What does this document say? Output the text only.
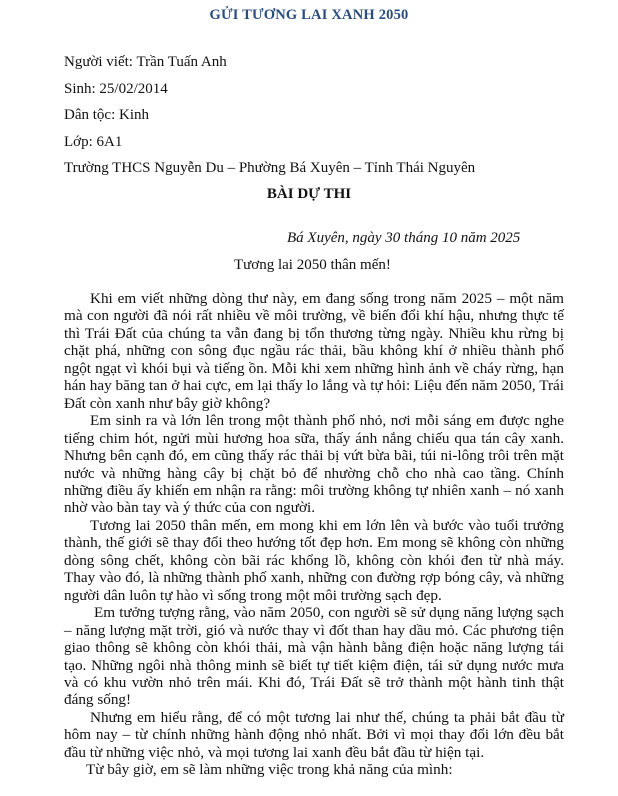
GỬI TƯƠNG LAI XANH 2050
Người viết: Trần Tuấn Anh
Sinh: 25/02/2014
Dân tộc: Kinh
Lớp: 6A1
Trường THCS Nguyễn Du – Phường Bá Xuyên – Tỉnh Thái Nguyên
BÀI DỰ THI
Bá Xuyên, ngày 30 tháng 10 năm 2025
Tương lai 2050 thân mến!

Khi em viết những dòng thư này, em đang sống trong năm 2025 – một năm mà con người đã nói rất nhiều về môi trường, về biến đổi khí hậu, nhưng thực tế thì Trái Đất của chúng ta vẫn đang bị tổn thương từng ngày. Nhiều khu rừng bị chặt phá, những con sông đục ngầu rác thải, bầu không khí ở nhiều thành phố ngột ngạt vì khói bụi và tiếng ồn. Mỗi khi xem những hình ảnh về cháy rừng, hạn hán hay băng tan ở hai cực, em lại thấy lo lắng và tự hỏi: Liệu đến năm 2050, Trái Đất còn xanh như bây giờ không?

Em sinh ra và lớn lên trong một thành phố nhỏ, nơi mỗi sáng em được nghe tiếng chim hót, ngửi mùi hương hoa sữa, thấy ánh nắng chiếu qua tán cây xanh. Nhưng bên cạnh đó, em cũng thấy rác thải bị vứt bừa bãi, túi ni-lông trôi trên mặt nước và những hàng cây bị chặt bỏ để nhường chỗ cho nhà cao tầng. Chính những điều ấy khiến em nhận ra rằng: môi trường không tự nhiên xanh – nó xanh nhờ vào bàn tay và ý thức của con người.

Tương lai 2050 thân mến, em mong khi em lớn lên và bước vào tuổi trưởng thành, thế giới sẽ thay đổi theo hướng tốt đẹp hơn. Em mong sẽ không còn những dòng sông chết, không còn bãi rác khổng lồ, không còn khói đen từ nhà máy. Thay vào đó, là những thành phố xanh, những con đường rợp bóng cây, và những người dân luôn tự hào vì sống trong một môi trường sạch đẹp.

Em tưởng tượng rằng, vào năm 2050, con người sẽ sử dụng năng lượng sạch – năng lượng mặt trời, gió và nước thay vì đốt than hay dầu mỏ. Các phương tiện giao thông sẽ không còn khói thải, mà vận hành bằng điện hoặc năng lượng tái tạo. Những ngôi nhà thông minh sẽ biết tự tiết kiệm điện, tái sử dụng nước mưa và có khu vườn nhỏ trên mái. Khi đó, Trái Đất sẽ trở thành một hành tinh thật đáng sống!

Nhưng em hiểu rằng, để có một tương lai như thế, chúng ta phải bắt đầu từ hôm nay – từ chính những hành động nhỏ nhất. Bởi vì mọi thay đổi lớn đều bắt đầu từ những việc nhỏ, và mọi tương lai xanh đều bắt đầu từ hiện tại.

Từ bây giờ, em sẽ làm những việc trong khả năng của mình:
